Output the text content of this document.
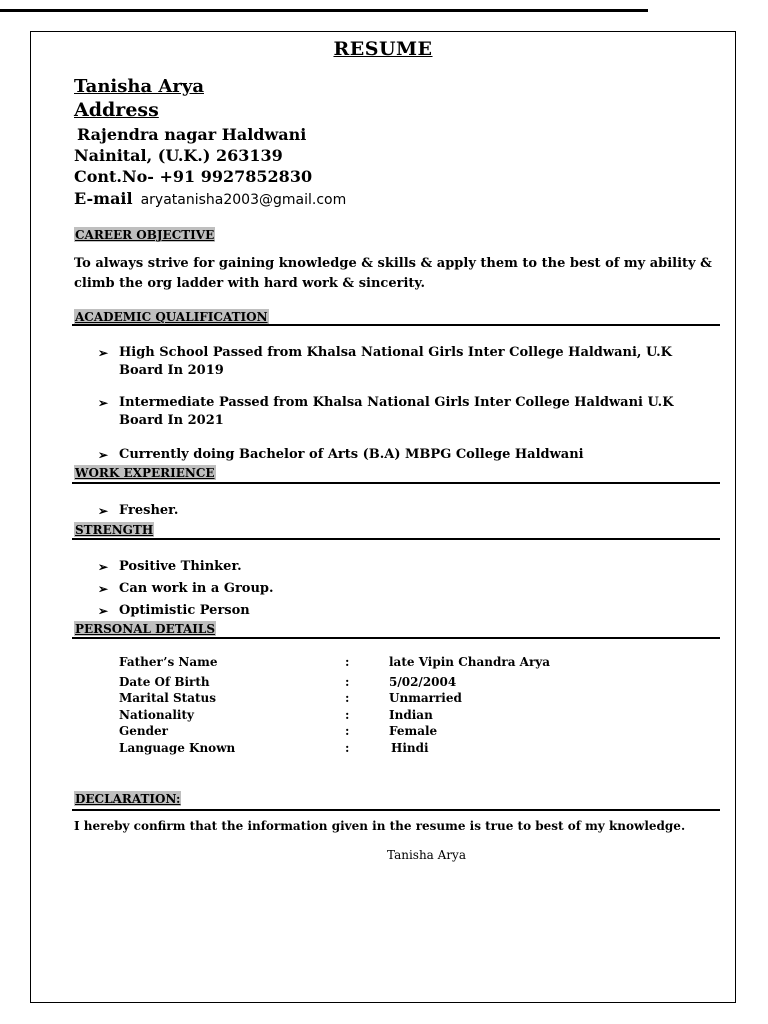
RESUME
Tanisha Arya
Address
Rajendra nagar Haldwani
Nainital, (U.K.) 263139
Cont.No- +91 9927852830
E-mail aryatanisha2003@gmail.com
CAREER OBJECTIVE
To always strive for gaining knowledge & skills & apply them to the best of my ability & climb the org ladder with hard work & sincerity.
ACADEMIC QUALIFICATION
➢ High School Passed from Khalsa National Girls Inter College Haldwani, U.K Board In 2019
➢ Intermediate Passed from Khalsa National Girls Inter College Haldwani U.K Board In 2021
➢ Currently doing Bachelor of Arts (B.A) MBPG College Haldwani
WORK EXPERIENCE
➢ Fresher.
STRENGTH
➢ Positive Thinker.
➢ Can work in a Group.
➢ Optimistic Person
PERSONAL DETAILS
Father’s Name	:	late Vipin Chandra Arya
Date Of Birth	:	5/02/2004
Marital Status	:	Unmarried
Nationality	:	Indian
Gender	:	Female
Language Known	:	Hindi
DECLARATION:
I hereby confirm that the information given in the resume is true to best of my knowledge.
Tanisha Arya
